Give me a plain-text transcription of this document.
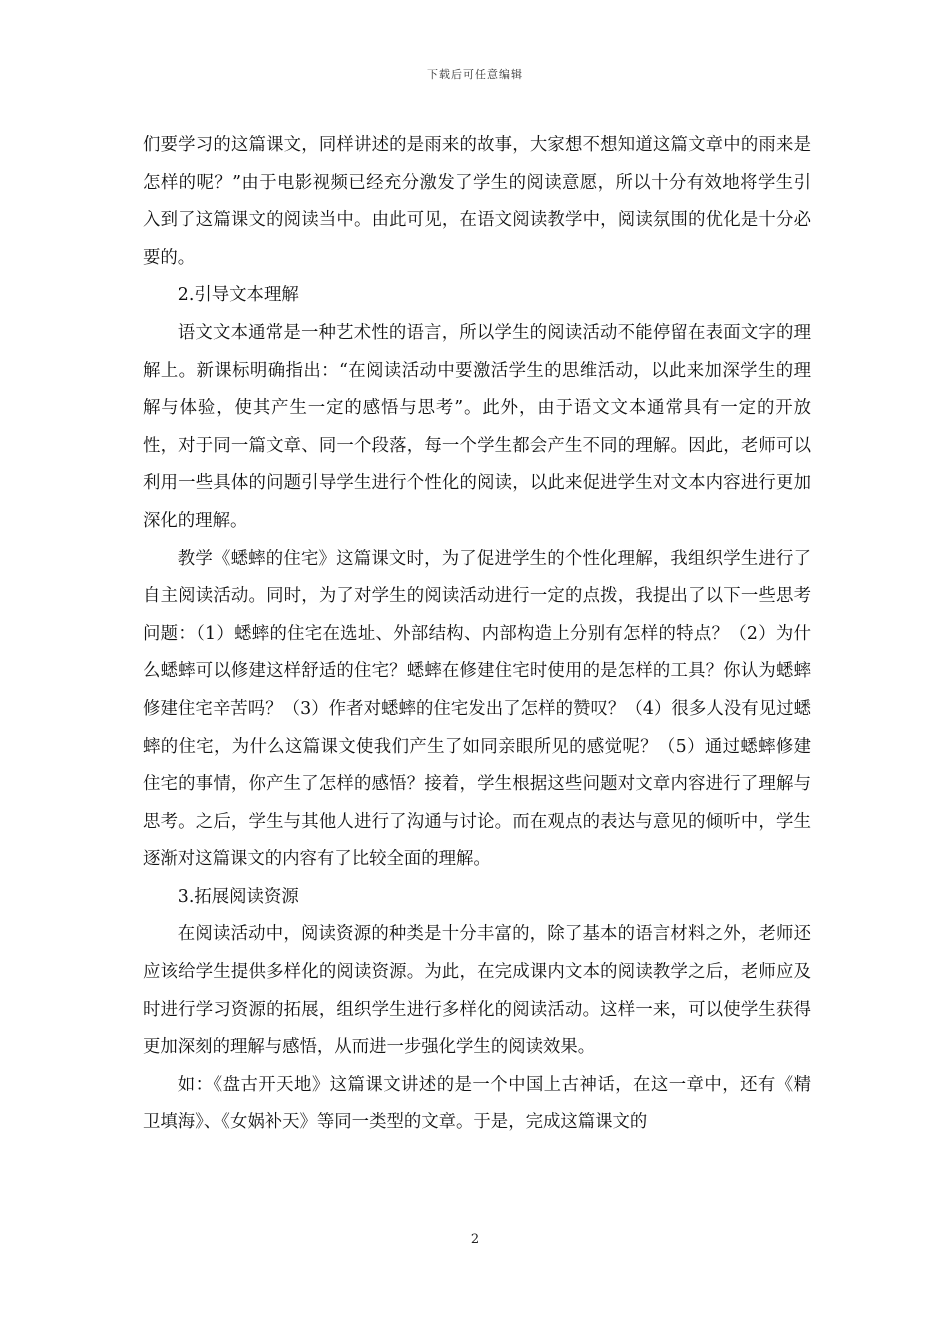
下载后可任意编辑

们要学习的这篇课文，同样讲述的是雨来的故事，大家想不想知道这篇文章中的雨来是怎样的呢？”由于电影视频已经充分激发了学生的阅读意愿，所以十分有效地将学生引入到了这篇课文的阅读当中。由此可见，在语文阅读教学中，阅读氛围的优化是十分必要的。

2.引导文本理解

语文文本通常是一种艺术性的语言，所以学生的阅读活动不能停留在表面文字的理解上。新课标明确指出：“在阅读活动中要激活学生的思维活动，以此来加深学生的理解与体验，使其产生一定的感悟与思考”。此外，由于语文文本通常具有一定的开放性，对于同一篇文章、同一个段落，每一个学生都会产生不同的理解。因此，老师可以利用一些具体的问题引导学生进行个性化的阅读，以此来促进学生对文本内容进行更加深化的理解。

教学《蟋蟀的住宅》这篇课文时，为了促进学生的个性化理解，我组织学生进行了自主阅读活动。同时，为了对学生的阅读活动进行一定的点拨，我提出了以下一些思考问题：（1）蟋蟀的住宅在选址、外部结构、内部构造上分别有怎样的特点？（2）为什么蟋蟀可以修建这样舒适的住宅？蟋蟀在修建住宅时使用的是怎样的工具？你认为蟋蟀修建住宅辛苦吗？（3）作者对蟋蟀的住宅发出了怎样的赞叹？（4）很多人没有见过蟋蟀的住宅，为什么这篇课文使我们产生了如同亲眼所见的感觉呢？（5）通过蟋蟀修建住宅的事情，你产生了怎样的感悟？接着，学生根据这些问题对文章内容进行了理解与思考。之后，学生与其他人进行了沟通与讨论。而在观点的表达与意见的倾听中，学生逐渐对这篇课文的内容有了比较全面的理解。

3.拓展阅读资源

在阅读活动中，阅读资源的种类是十分丰富的，除了基本的语言材料之外，老师还应该给学生提供多样化的阅读资源。为此，在完成课内文本的阅读教学之后，老师应及时进行学习资源的拓展，组织学生进行多样化的阅读活动。这样一来，可以使学生获得更加深刻的理解与感悟，从而进一步强化学生的阅读效果。

如：《盘古开天地》这篇课文讲述的是一个中国上古神话，在这一章中，还有《精卫填海》、《女娲补天》等同一类型的文章。于是，完成这篇课文的

2
